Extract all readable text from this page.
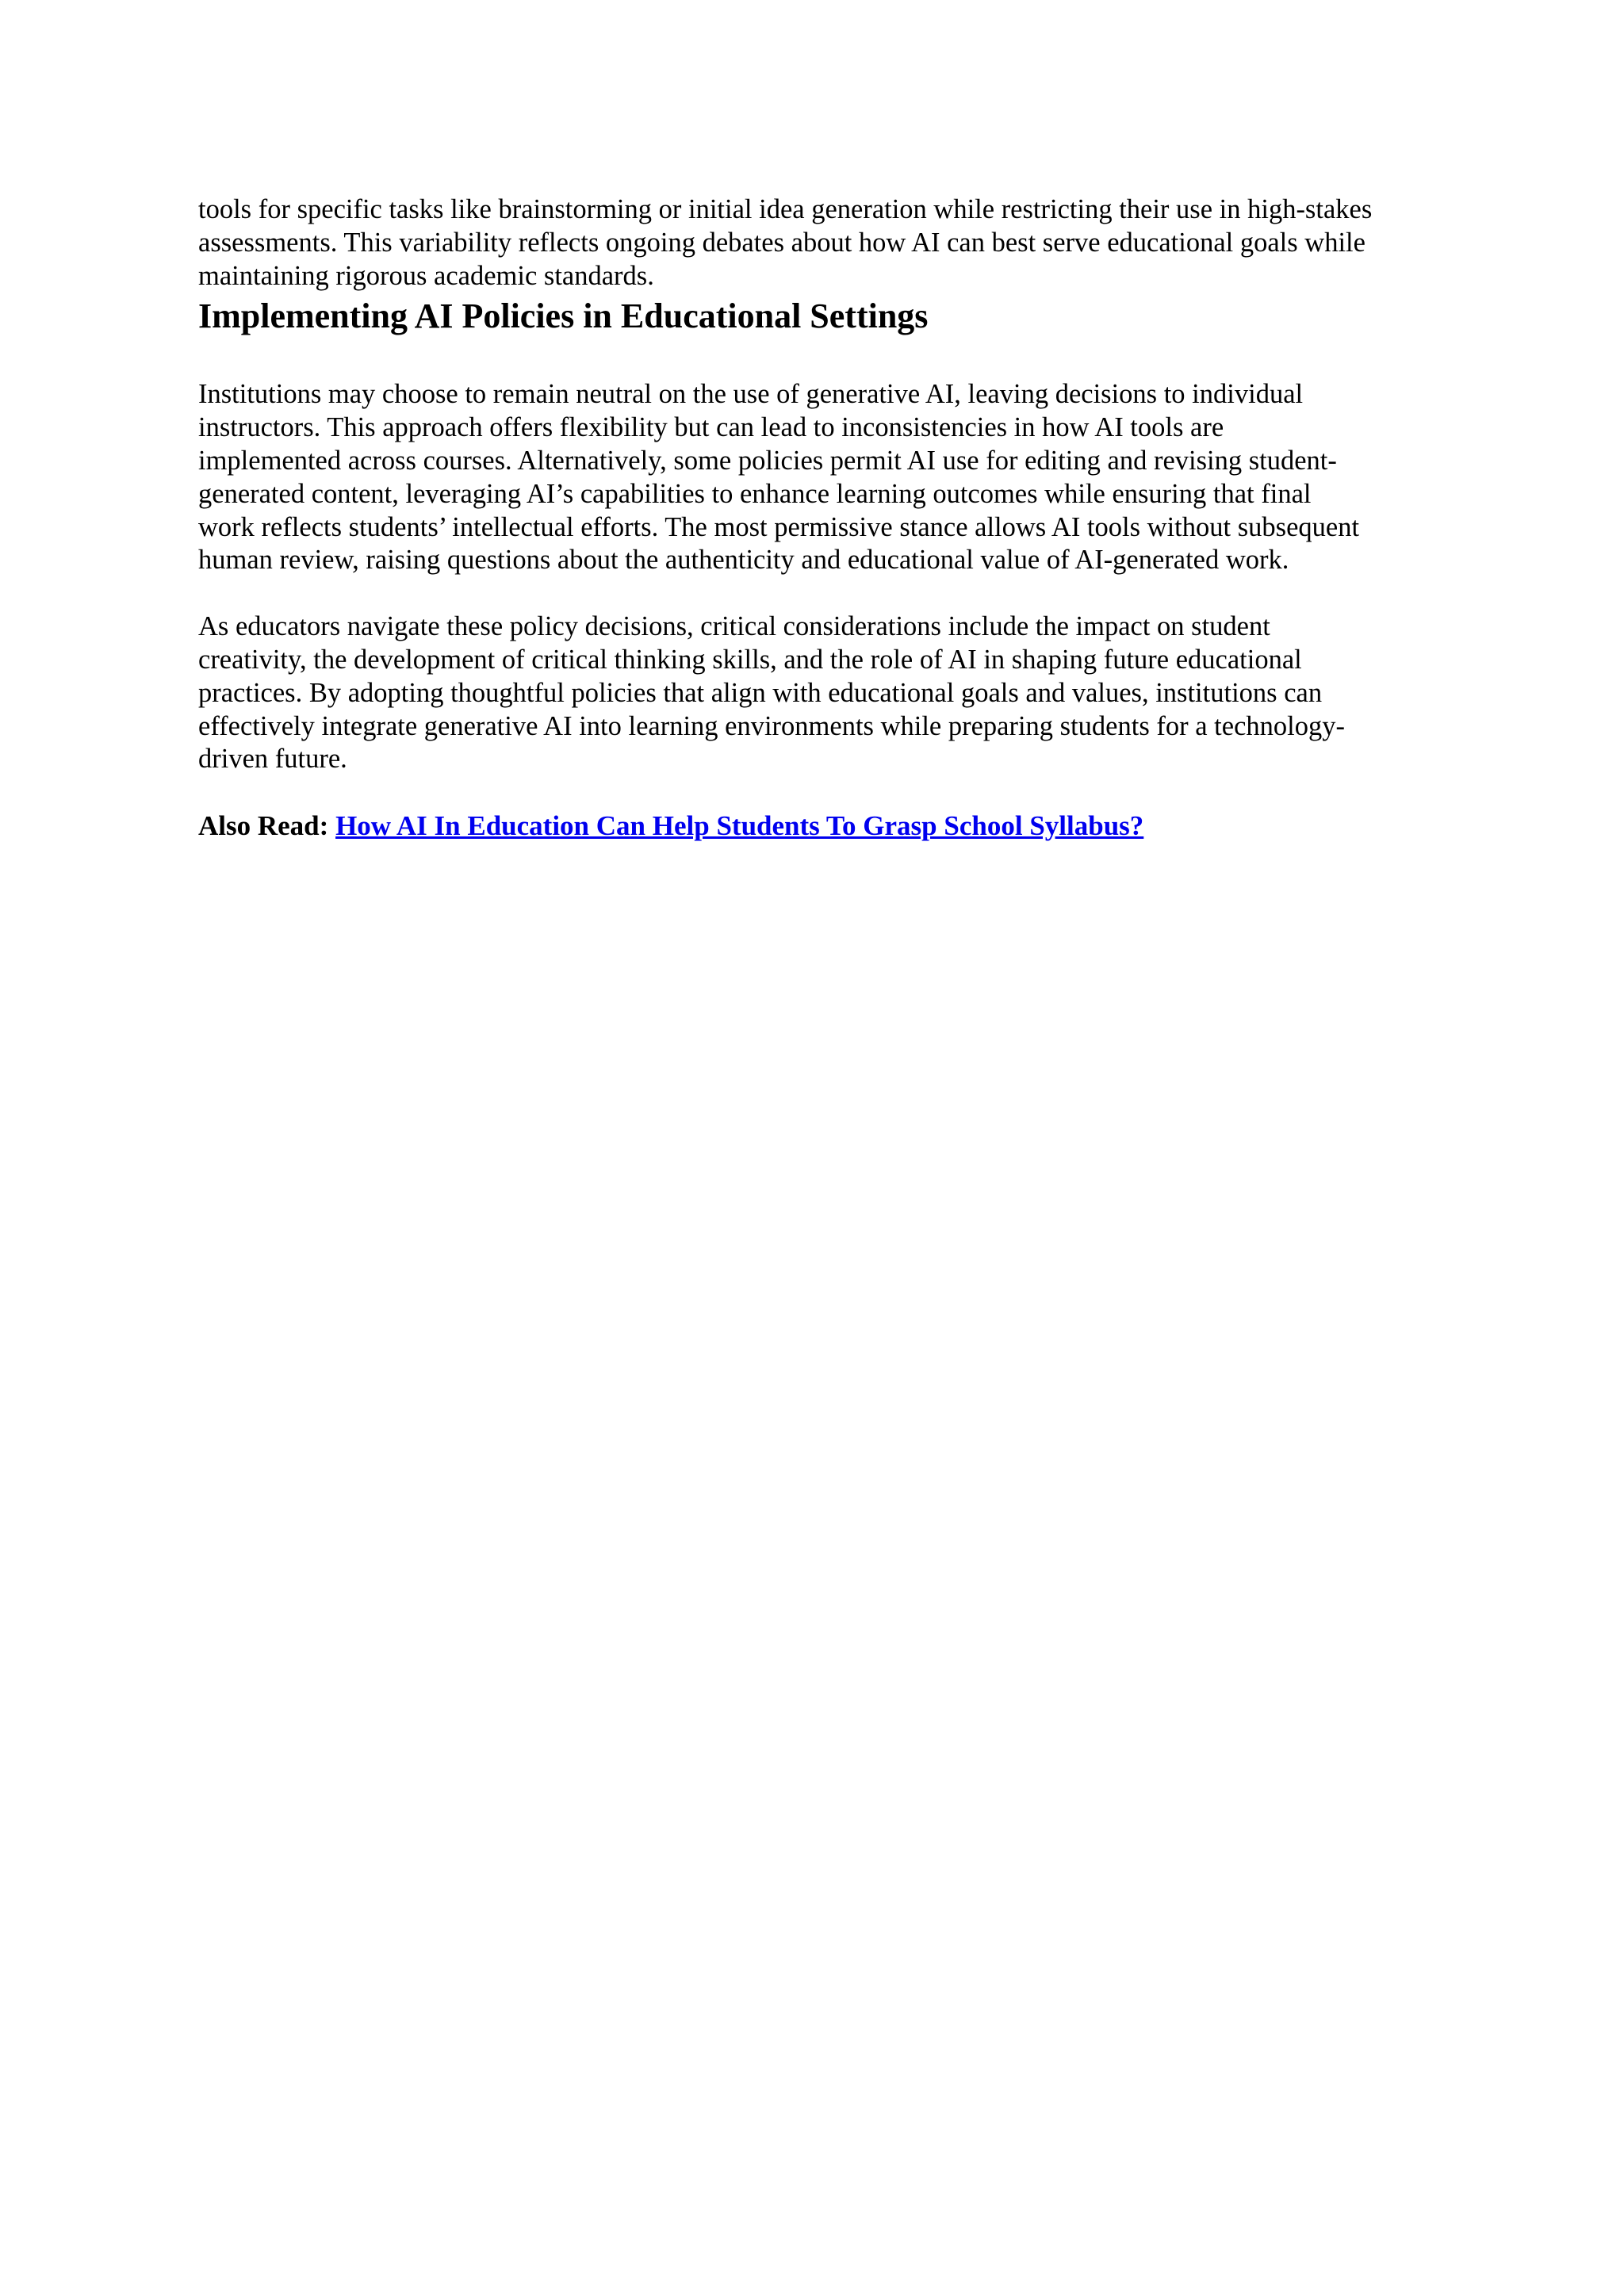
tools for specific tasks like brainstorming or initial idea generation while restricting their use in high-stakes
assessments. This variability reflects ongoing debates about how AI can best serve educational goals while
maintaining rigorous academic standards.

Implementing AI Policies in Educational Settings

Institutions may choose to remain neutral on the use of generative AI, leaving decisions to individual
instructors. This approach offers flexibility but can lead to inconsistencies in how AI tools are
implemented across courses. Alternatively, some policies permit AI use for editing and revising student-
generated content, leveraging AI’s capabilities to enhance learning outcomes while ensuring that final
work reflects students’ intellectual efforts. The most permissive stance allows AI tools without subsequent
human review, raising questions about the authenticity and educational value of AI-generated work.

As educators navigate these policy decisions, critical considerations include the impact on student
creativity, the development of critical thinking skills, and the role of AI in shaping future educational
practices. By adopting thoughtful policies that align with educational goals and values, institutions can
effectively integrate generative AI into learning environments while preparing students for a technology-
driven future.

Also Read: How AI In Education Can Help Students To Grasp School Syllabus?
